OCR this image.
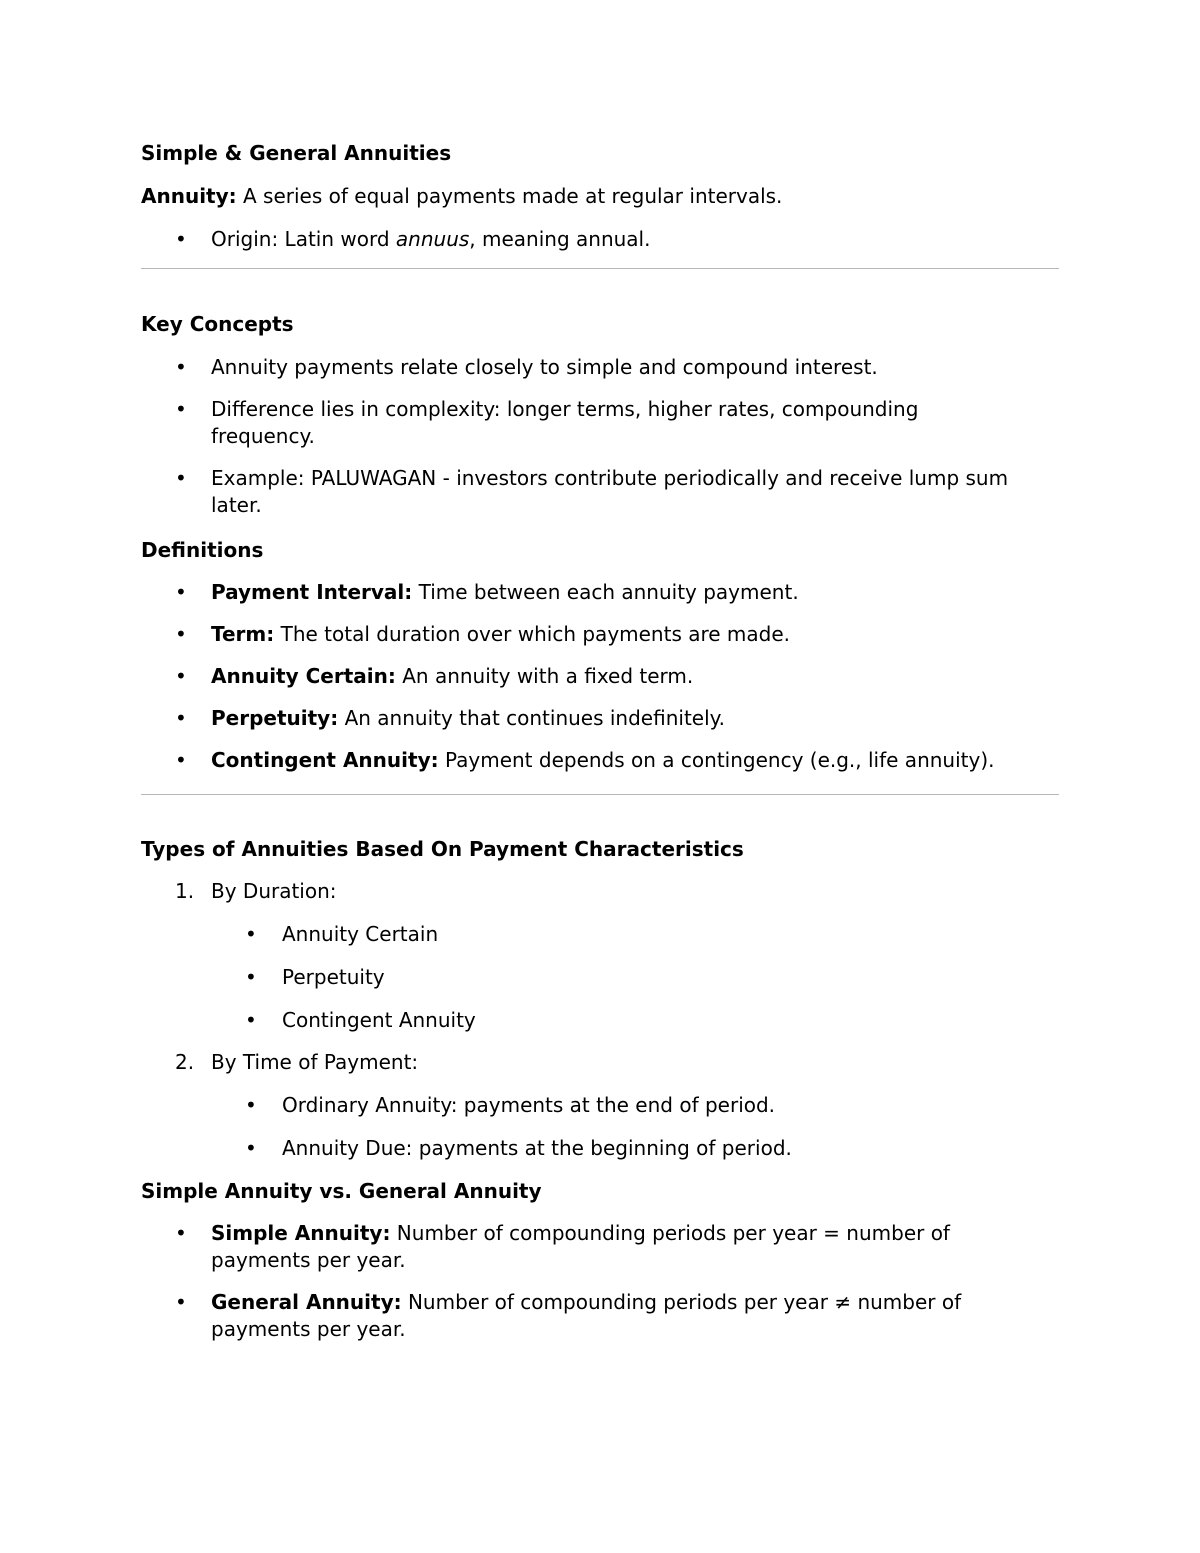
Simple & General Annuities

Annuity: A series of equal payments made at regular intervals.

•	Origin: Latin word annuus, meaning annual.

Key Concepts

•	Annuity payments relate closely to simple and compound interest.
•	Difference lies in complexity: longer terms, higher rates, compounding frequency.
•	Example: PALUWAGAN - investors contribute periodically and receive lump sum later.

Definitions

•	Payment Interval: Time between each annuity payment.
•	Term: The total duration over which payments are made.
•	Annuity Certain: An annuity with a fixed term.
•	Perpetuity: An annuity that continues indefinitely.
•	Contingent Annuity: Payment depends on a contingency (e.g., life annuity).

Types of Annuities Based On Payment Characteristics

1. By Duration:
•	Annuity Certain
•	Perpetuity
•	Contingent Annuity
2. By Time of Payment:
•	Ordinary Annuity: payments at the end of period.
•	Annuity Due: payments at the beginning of period.

Simple Annuity vs. General Annuity

•	Simple Annuity: Number of compounding periods per year = number of payments per year.
•	General Annuity: Number of compounding periods per year ≠ number of payments per year.
